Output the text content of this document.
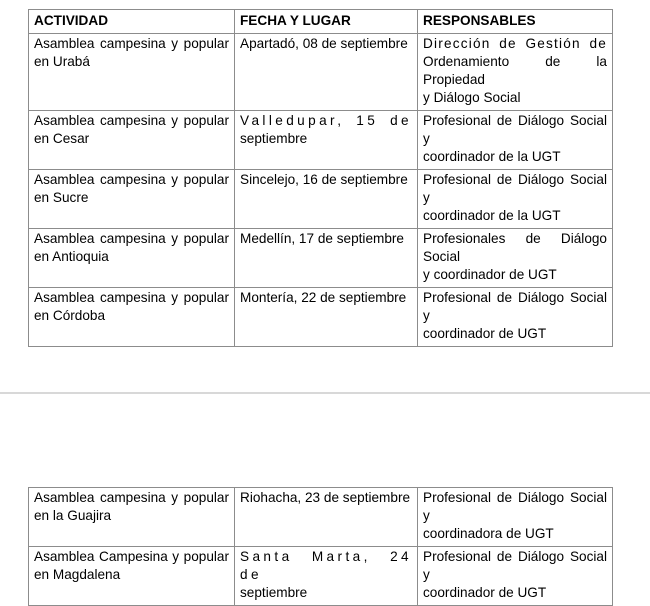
ACTIVIDAD	FECHA Y LUGAR	RESPONSABLES

Asamblea campesina y popular
en Urabá	Apartadó, 08 de septiembre	Dirección de Gestión de
Ordenamiento de la Propiedad
y Diálogo Social

Asamblea campesina y popular
en Cesar	Valledupar, 15 de
septiembre	Profesional de Diálogo Social y
coordinador de la UGT

Asamblea campesina y popular
en Sucre	Sincelejo, 16 de septiembre	Profesional de Diálogo Social y
coordinador de la UGT

Asamblea campesina y popular
en Antioquia	Medellín, 17 de septiembre	Profesionales de Diálogo Social
y coordinador de UGT

Asamblea campesina y popular
en Córdoba	Montería, 22 de septiembre	Profesional de Diálogo Social y
coordinador de UGT
Asamblea campesina y popular
en la Guajira	Riohacha, 23 de septiembre	Profesional de Diálogo Social y
coordinadora de UGT

Asamblea Campesina y popular
en Magdalena	Santa Marta, 24 de
septiembre	Profesional de Diálogo Social y
coordinador de UGT
